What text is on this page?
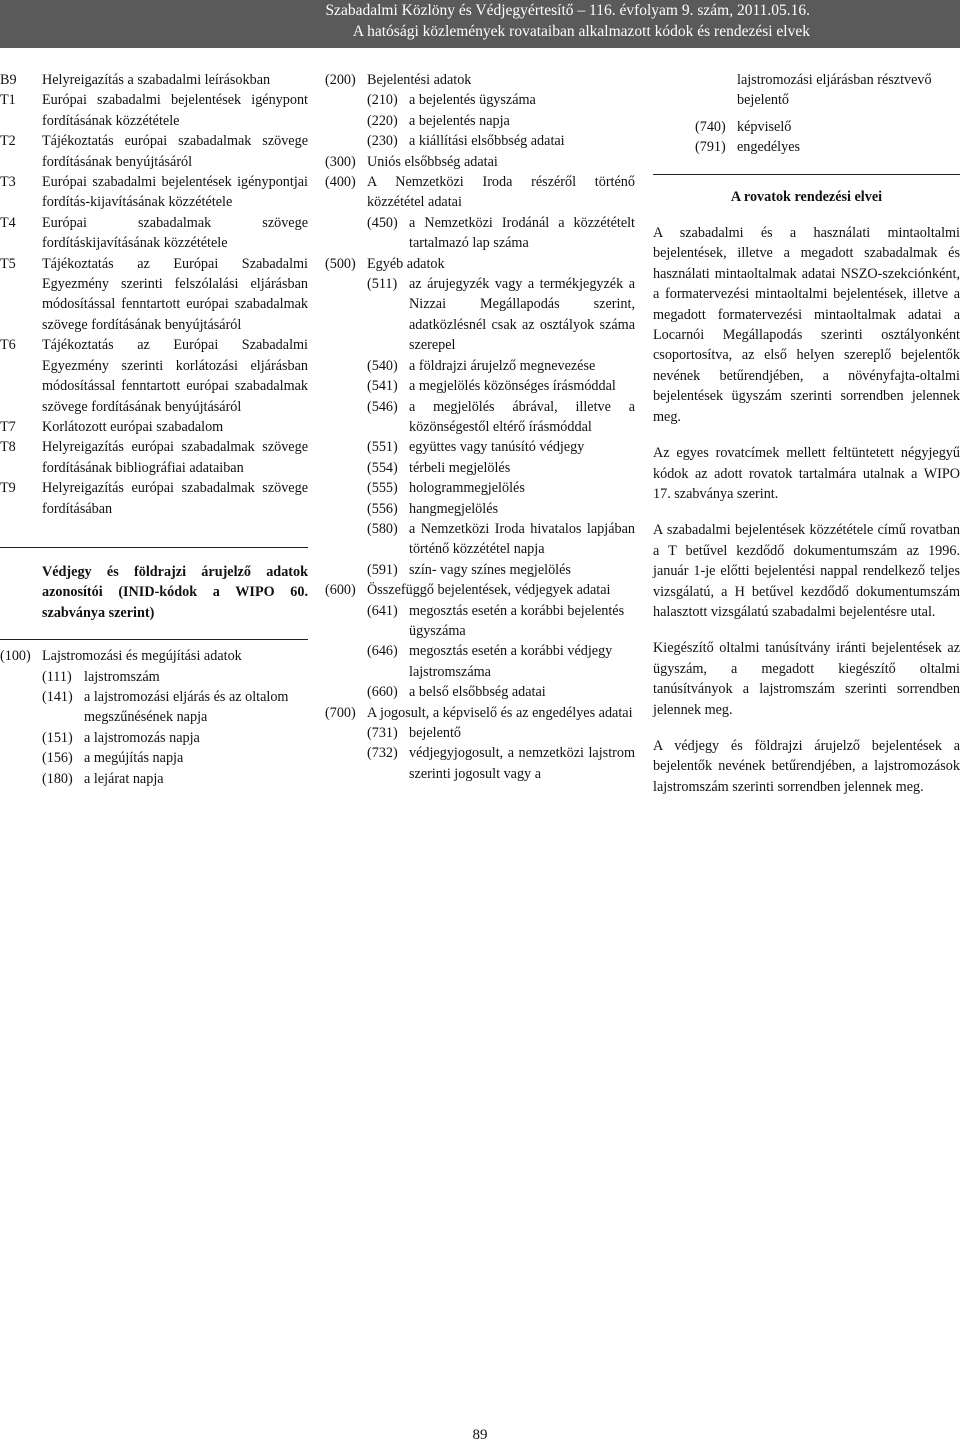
Szabadalmi Közlöny és Védjegyértesítő – 116. évfolyam 9. szám, 2011.05.16.
A hatósági közlemények rovataiban alkalmazott kódok és rendezési elvek
B9	Helyreigazítás a szabadalmi leírásokban
T1	Európai szabadalmi bejelentések igénypont fordításának közzététele
T2	Tájékoztatás európai szabadalmak szövege fordításának benyújtásáról
T3	Európai szabadalmi bejelentések igénypontjai fordítás-kijavításának közzététele
T4	Európai szabadalmak szövege fordításkijavításának közzététele
T5	Tájékoztatás az Európai Szabadalmi Egyezmény szerinti felszólalási eljárásban módosítással fenntartott európai szabadalmak szövege fordításának benyújtásáról
T6	Tájékoztatás az Európai Szabadalmi Egyezmény szerinti korlátozási eljárásban módosítással fenntartott európai szabadalmak szövege fordításának benyújtásáról
T7	Korlátozott európai szabadalom
T8	Helyreigazítás európai szabadalmak szövege fordításának bibliográfiai adataiban
T9	Helyreigazítás európai szabadalmak szövege fordításában
Védjegy és földrajzi árujelző adatok azonosítói (INID-kódok a WIPO 60. szabványa szerint)
(100) Lajstromozási és megújítási adatok
(111) lajstromszám
(141) a lajstromozási eljárás és az oltalom megszűnésének napja
(151) a lajstromozás napja
(156) a megújítás napja
(180) a lejárat napja
(200) Bejelentési adatok
(210) a bejelentés ügyszáma
(220) a bejelentés napja
(230) a kiállítási elsőbbség adatai
(300) Uniós elsőbbség adatai
(400) A Nemzetközi Iroda részéről történő közzététel adatai
(450) a Nemzetközi Irodánál a közzétételt tartalmazó lap száma
(500) Egyéb adatok
(511) az árujegyzék vagy a termékjegyzék a Nizzai Megállapodás szerint, adatközlésnél csak az osztályok száma szerepel
(540) a földrajzi árujelző megnevezése
(541) a megjelölés közönséges írásmóddal
(546) a megjelölés ábrával, illetve a közönségestől eltérő írásmóddal
(551) együttes vagy tanúsító védjegy
(554) térbeli megjelölés
(555) hologrammegjelölés
(556) hangmegjelölés
(580) a Nemzetközi Iroda hivatalos lapjában történő közzététel napja
(591) szín- vagy színes megjelölés
(600) Összefüggő bejelentések, védjegyek adatai
(641) megosztás esetén a korábbi bejelentés ügyszáma
(646) megosztás esetén a korábbi védjegy lajstromszáma
(660) a belső elsőbbség adatai
(700) A jogosult, a képviselő és az engedélyes adatai
(731) bejelentő
(732) védjegyjogosult, a nemzetközi lajstrom szerinti jogosult vagy a
lajstromozási eljárásban résztvevő bejelentő
(740) képviselő
(791) engedélyes
A rovatok rendezési elvei
A szabadalmi és a használati mintaoltalmi bejelentések, illetve a megadott szabadalmak és használati mintaoltalmak adatai NSZO-szekciónként, a formatervezési mintaoltalmi bejelentések, illetve a megadott formatervezési mintaoltalmak adatai a Locarnói Megállapodás szerinti osztályonként csoportosítva, az első helyen szereplő bejelentők nevének betűrendjében, a növényfajta-oltalmi bejelentések ügyszám szerinti sorrendben jelennek meg.
Az egyes rovatcímek mellett feltüntetett négyjegyű kódok az adott rovatok tartalmára utalnak a WIPO 17. szabványa szerint.
A szabadalmi bejelentések közzététele című rovatban a T betűvel kezdődő dokumentumszám az 1996. január 1-je előtti bejelentési nappal rendelkező teljes vizsgálatú, a H betűvel kezdődő dokumentumszám halasztott vizsgálatú szabadalmi bejelentésre utal.
Kiegészítő oltalmi tanúsítvány iránti bejelentések az ügyszám, a megadott kiegészítő oltalmi tanúsítványok a lajstromszám szerinti sorrendben jelennek meg.
A védjegy és földrajzi árujelző bejelentések a bejelentők nevének betűrendjében, a lajstromozások lajstromszám szerinti sorrendben jelennek meg.
89
